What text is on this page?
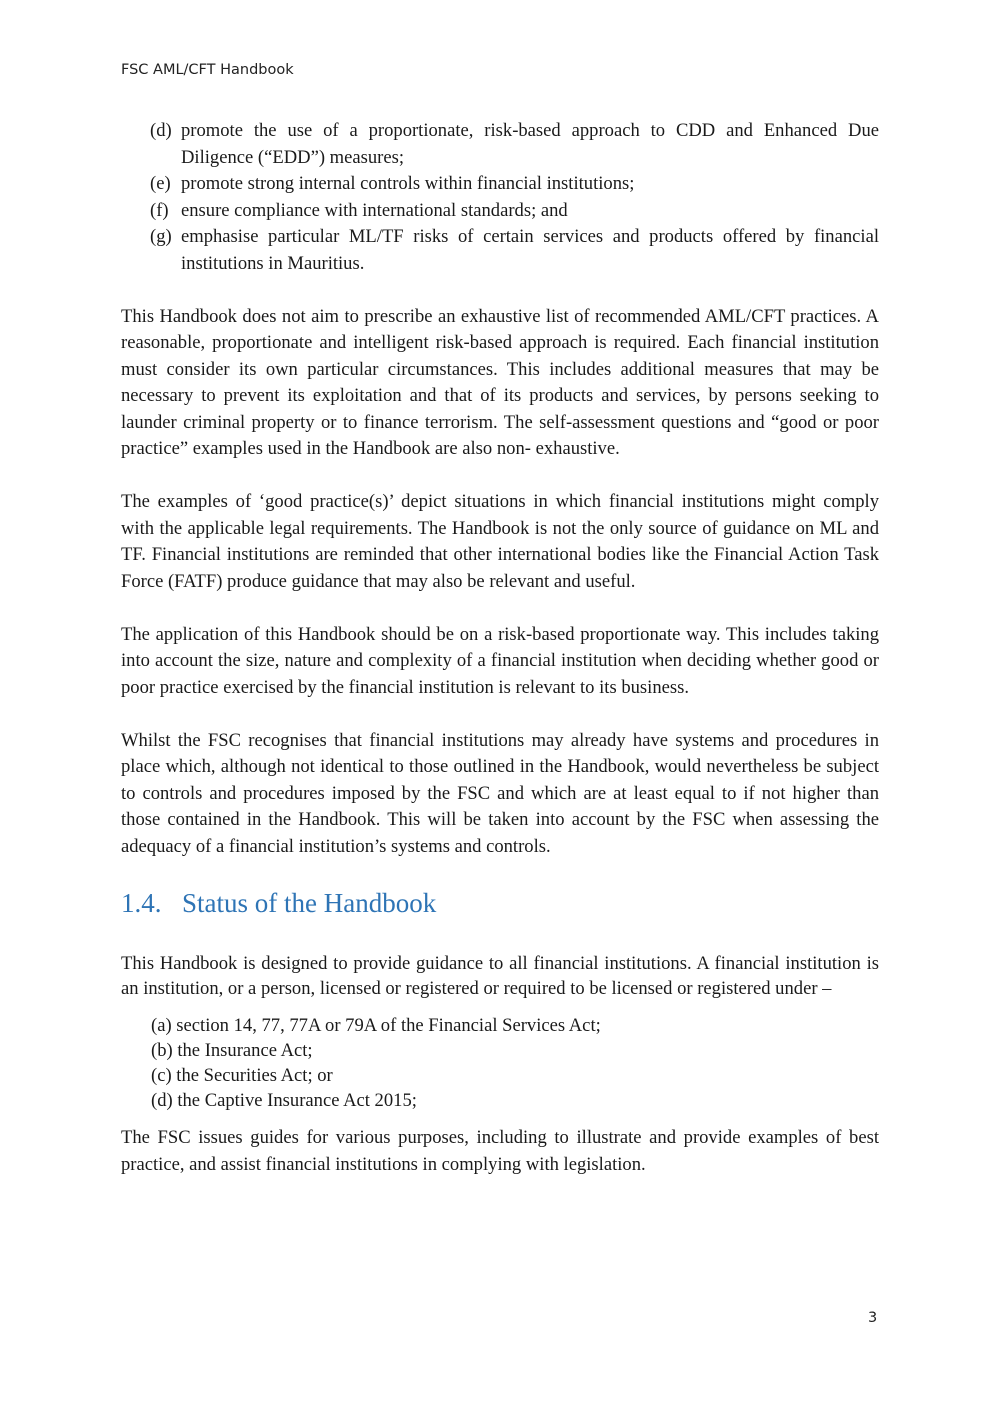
FSC AML/CFT Handbook
(d) promote the use of a proportionate, risk-based approach to CDD and Enhanced Due Diligence (“EDD”) measures;
(e) promote strong internal controls within financial institutions;
(f) ensure compliance with international standards; and
(g) emphasise particular ML/TF risks of certain services and products offered by financial institutions in Mauritius.

This Handbook does not aim to prescribe an exhaustive list of recommended AML/CFT practices. A reasonable, proportionate and intelligent risk-based approach is required. Each financial institution must consider its own particular circumstances. This includes additional measures that may be necessary to prevent its exploitation and that of its products and services, by persons seeking to launder criminal property or to finance terrorism. The self-assessment questions and “good or poor practice” examples used in the Handbook are also non- exhaustive.

The examples of ‘good practice(s)’ depict situations in which financial institutions might comply with the applicable legal requirements. The Handbook is not the only source of guidance on ML and TF. Financial institutions are reminded that other international bodies like the Financial Action Task Force (FATF) produce guidance that may also be relevant and useful.

The application of this Handbook should be on a risk-based proportionate way. This includes taking into account the size, nature and complexity of a financial institution when deciding whether good or poor practice exercised by the financial institution is relevant to its business.

Whilst the FSC recognises that financial institutions may already have systems and procedures in place which, although not identical to those outlined in the Handbook, would nevertheless be subject to controls and procedures imposed by the FSC and which are at least equal to if not higher than those contained in the Handbook. This will be taken into account by the FSC when assessing the adequacy of a financial institution’s systems and controls.

1.4. Status of the Handbook

This Handbook is designed to provide guidance to all financial institutions. A financial institution is an institution, or a person, licensed or registered or required to be licensed or registered under –

(a) section 14, 77, 77A or 79A of the Financial Services Act;
(b) the Insurance Act;
(c) the Securities Act; or
(d) the Captive Insurance Act 2015;

The FSC issues guides for various purposes, including to illustrate and provide examples of best practice, and assist financial institutions in complying with legislation.

3
